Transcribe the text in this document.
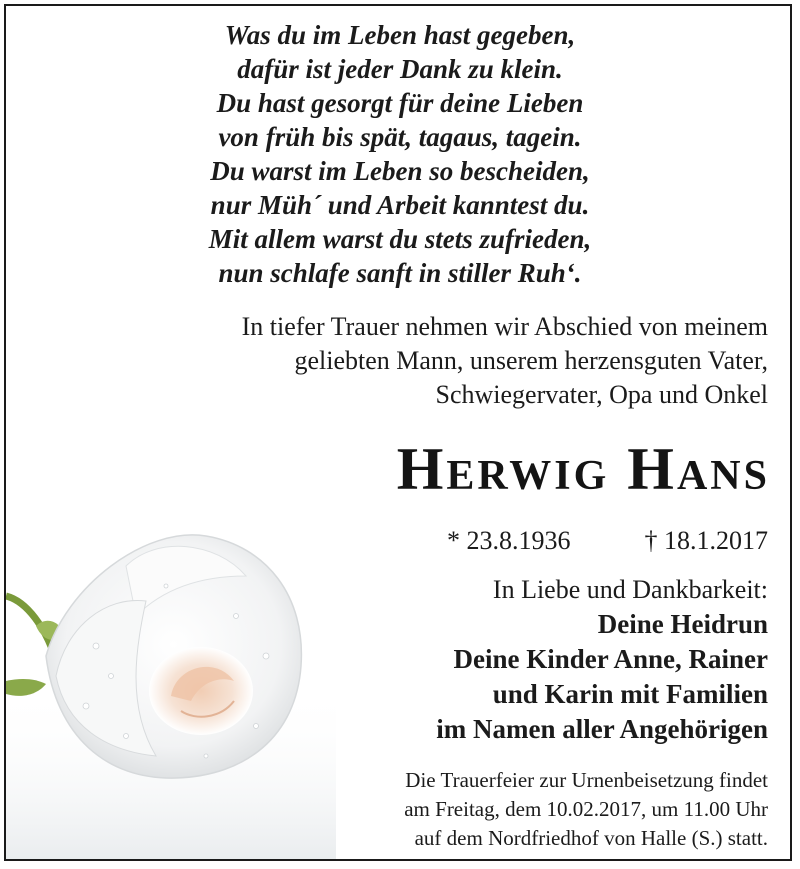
Was du im Leben hast gegeben,
dafür ist jeder Dank zu klein.
Du hast gesorgt für deine Lieben
von früh bis spät, tagaus, tagein.
Du warst im Leben so bescheiden,
nur Müh´ und Arbeit kanntest du.
Mit allem warst du stets zufrieden,
nun schlafe sanft in stiller Ruh‘.
In tiefer Trauer nehmen wir Abschied von meinem
geliebten Mann, unserem herzensguten Vater,
Schwiegervater, Opa und Onkel
Herwig Hans
* 23.8.1936	† 18.1.2017
In Liebe und Dankbarkeit:
Deine Heidrun
Deine Kinder Anne, Rainer
und Karin mit Familien
im Namen aller Angehörigen
Die Trauerfeier zur Urnenbeisetzung findet
am Freitag, dem 10.02.2017, um 11.00 Uhr
auf dem Nordfriedhof von Halle (S.) statt.
